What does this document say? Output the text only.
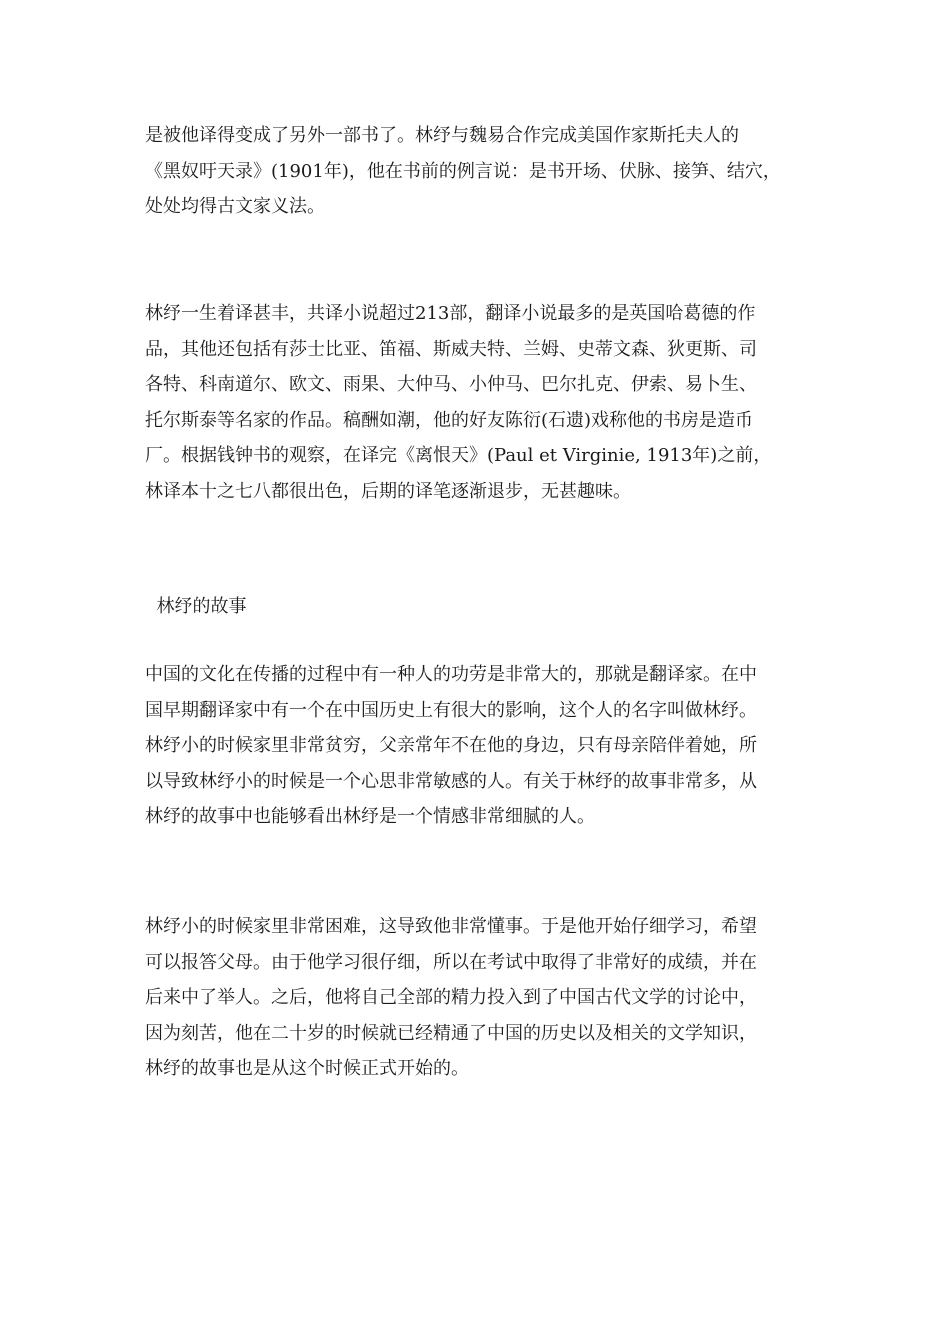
是被他译得变成了另外一部书了。林纾与魏易合作完成美国作家斯托夫人的
《黑奴吁天录》(1901年)，他在书前的例言说：是书开场、伏脉、接笋、结穴，
处处均得古文家义法。
林纾一生着译甚丰，共译小说超过213部，翻译小说最多的是英国哈葛德的作
品，其他还包括有莎士比亚、笛福、斯威夫特、兰姆、史蒂文森、狄更斯、司
各特、科南道尔、欧文、雨果、大仲马、小仲马、巴尔扎克、伊索、易卜生、
托尔斯泰等名家的作品。稿酬如潮，他的好友陈衍(石遗)戏称他的书房是造币
厂。根据钱钟书的观察，在译完《离恨天》(Paul et Virginie, 1913年)之前，
林译本十之七八都很出色，后期的译笔逐渐退步，无甚趣味。
林纾的故事
中国的文化在传播的过程中有一种人的功劳是非常大的，那就是翻译家。在中
国早期翻译家中有一个在中国历史上有很大的影响，这个人的名字叫做林纾。
林纾小的时候家里非常贫穷，父亲常年不在他的身边，只有母亲陪伴着她，所
以导致林纾小的时候是一个心思非常敏感的人。有关于林纾的故事非常多，从
林纾的故事中也能够看出林纾是一个情感非常细腻的人。
林纾小的时候家里非常困难，这导致他非常懂事。于是他开始仔细学习，希望
可以报答父母。由于他学习很仔细，所以在考试中取得了非常好的成绩，并在
后来中了举人。之后，他将自己全部的精力投入到了中国古代文学的讨论中，
因为刻苦，他在二十岁的时候就已经精通了中国的历史以及相关的文学知识，
林纾的故事也是从这个时候正式开始的。
